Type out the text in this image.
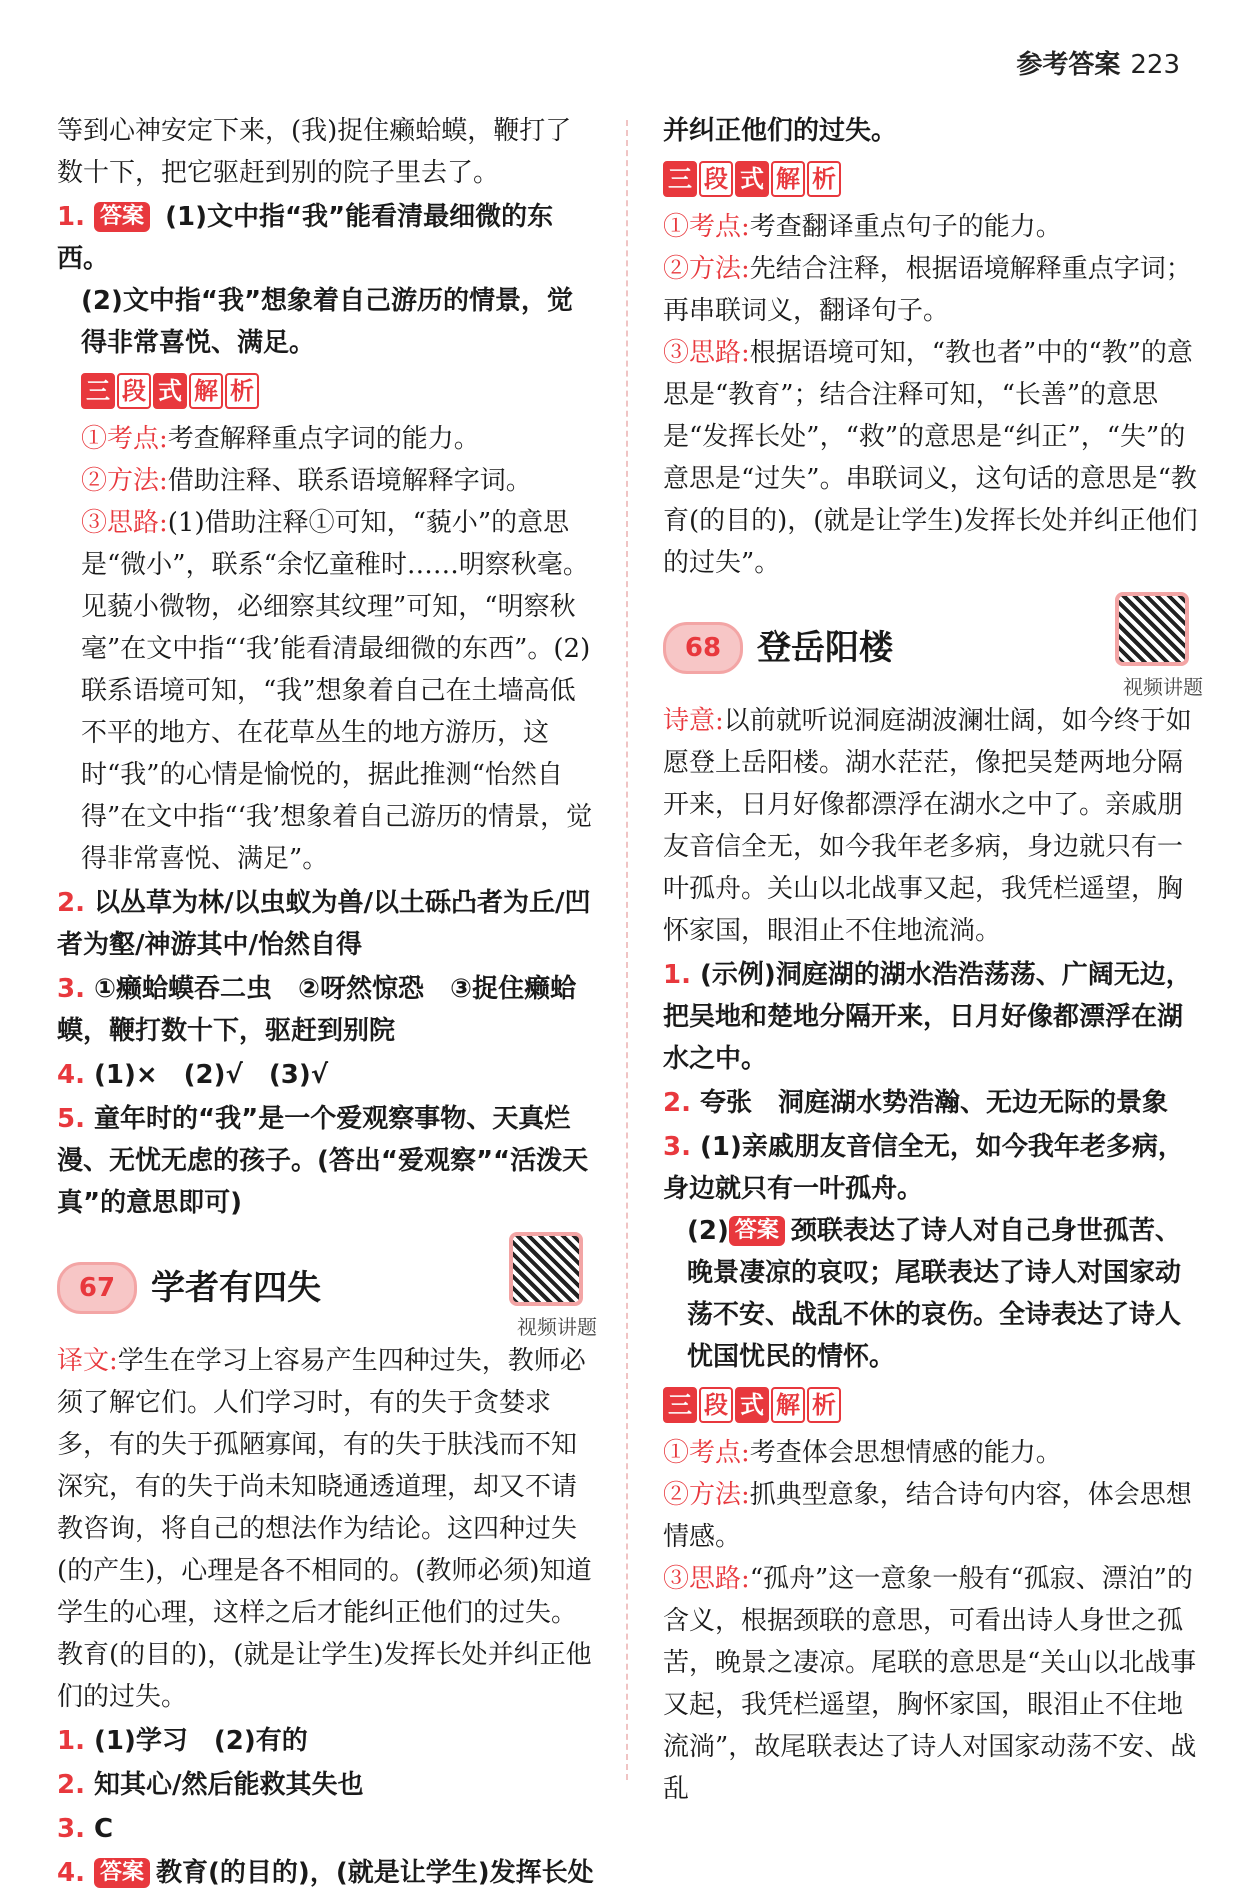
参考答案 223

等到心神安定下来，(我)捉住癞蛤蟆，鞭打了数十下，把它驱赶到别的院子里去了。

1. 答案 (1)文中指“我”能看清最细微的东西。

(2)文中指“我”想象着自己游历的情景，觉得非常喜悦、满足。

三 段 式 解 析

①考点:考查解释重点字词的能力。

②方法:借助注释、联系语境解释字词。

③思路:(1)借助注释①可知，“藐小”的意思是“微小”，联系“余忆童稚时……明察秋毫。见藐小微物，必细察其纹理”可知，“明察秋毫”在文中指“‘我’能看清最细微的东西”。(2)联系语境可知，“我”想象着自己在土墙高低不平的地方、在花草丛生的地方游历，这时“我”的心情是愉悦的，据此推测“怡然自得”在文中指“‘我’想象着自己游历的情景，觉得非常喜悦、满足”。

2. 以丛草为林/以虫蚁为兽/以土砾凸者为丘/凹者为壑/神游其中/怡然自得

3. ①癞蛤蟆吞二虫　②呀然惊恐　③捉住癞蛤蟆，鞭打数十下，驱赶到别院

4. (1)×　(2)√　(3)√

5. 童年时的“我”是一个爱观察事物、天真烂漫、无忧无虑的孩子。(答出“爱观察”“活泼天真”的意思即可)

67	学者有四失
视频讲题

译文:学生在学习上容易产生四种过失，教师必须了解它们。人们学习时，有的失于贪婪求多，有的失于孤陋寡闻，有的失于肤浅而不知深究，有的失于尚未知晓通透道理，却又不请教咨询，将自己的想法作为结论。这四种过失(的产生)，心理是各不相同的。(教师必须)知道学生的心理，这样之后才能纠正他们的过失。教育(的目的)，(就是让学生)发挥长处并纠正他们的过失。

1. (1)学习　(2)有的

2. 知其心/然后能救其失也

3. C

4. 答案 教育(的目的)，(就是让学生)发挥长处

并纠正他们的过失。

三 段 式 解 析

①考点:考查翻译重点句子的能力。

②方法:先结合注释，根据语境解释重点字词；再串联词义，翻译句子。

③思路:根据语境可知，“教也者”中的“教”的意思是“教育”；结合注释可知，“长善”的意思是“发挥长处”，“救”的意思是“纠正”，“失”的意思是“过失”。串联词义，这句话的意思是“教育(的目的)，(就是让学生)发挥长处并纠正他们的过失”。

68	登岳阳楼
视频讲题

诗意:以前就听说洞庭湖波澜壮阔，如今终于如愿登上岳阳楼。湖水茫茫，像把吴楚两地分隔开来，日月好像都漂浮在湖水之中了。亲戚朋友音信全无，如今我年老多病，身边就只有一叶孤舟。关山以北战事又起，我凭栏遥望，胸怀家国，眼泪止不住地流淌。

1. (示例)洞庭湖的湖水浩浩荡荡、广阔无边，把吴地和楚地分隔开来，日月好像都漂浮在湖水之中。

2. 夸张　洞庭湖水势浩瀚、无边无际的景象

3. (1)亲戚朋友音信全无，如今我年老多病，身边就只有一叶孤舟。

(2) 答案 颈联表达了诗人对自己身世孤苦、晚景凄凉的哀叹；尾联表达了诗人对国家动荡不安、战乱不休的哀伤。全诗表达了诗人忧国忧民的情怀。

三 段 式 解 析

①考点:考查体会思想情感的能力。

②方法:抓典型意象，结合诗句内容，体会思想情感。

③思路:“孤舟”这一意象一般有“孤寂、漂泊”的含义，根据颈联的意思，可看出诗人身世之孤苦，晚景之凄凉。尾联的意思是“关山以北战事又起，我凭栏遥望，胸怀家国，眼泪止不住地流淌”，故尾联表达了诗人对国家动荡不安、战乱
